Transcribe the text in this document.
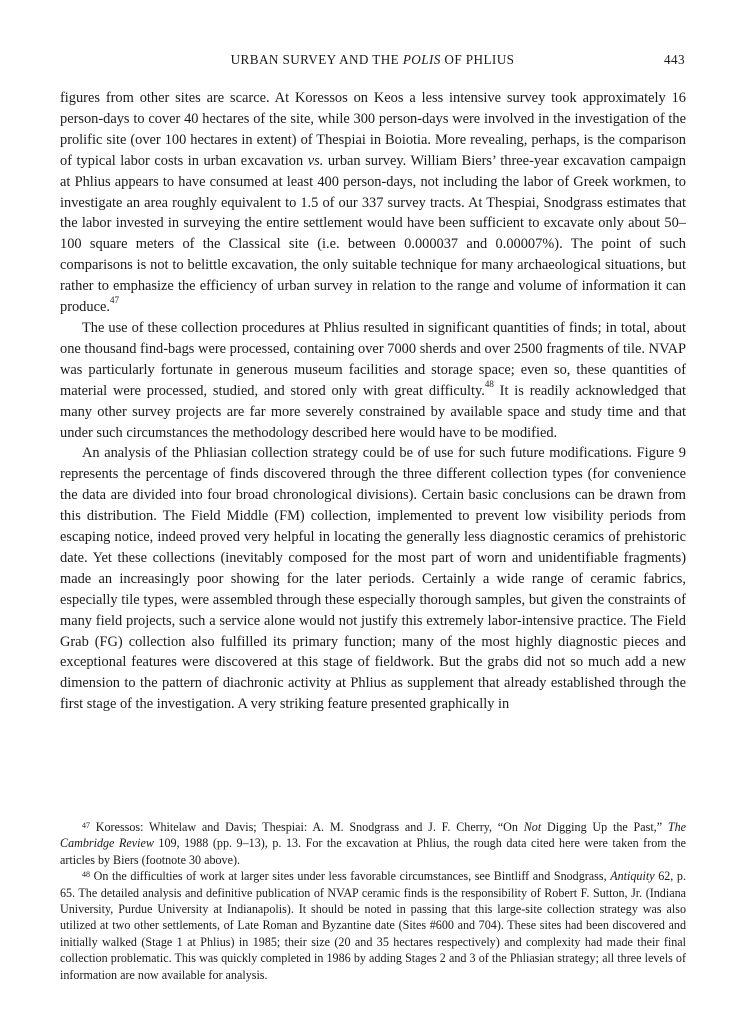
URBAN SURVEY AND THE POLIS OF PHLIUS	443

figures from other sites are scarce. At Koressos on Keos a less intensive survey took approximately 16 person-days to cover 40 hectares of the site, while 300 person-days were involved in the investigation of the prolific site (over 100 hectares in extent) of Thespiai in Boiotia. More revealing, perhaps, is the comparison of typical labor costs in urban excavation vs. urban survey. William Biers’ three-year excavation campaign at Phlius appears to have consumed at least 400 person-days, not including the labor of Greek workmen, to investigate an area roughly equivalent to 1.5 of our 337 survey tracts. At Thespiai, Snodgrass estimates that the labor invested in surveying the entire settlement would have been sufficient to excavate only about 50–100 square meters of the Classical site (i.e. between 0.000037 and 0.00007%). The point of such comparisons is not to belittle excavation, the only suitable technique for many archaeological situations, but rather to emphasize the efficiency of urban survey in relation to the range and volume of information it can produce.$^{47}$

The use of these collection procedures at Phlius resulted in significant quantities of finds; in total, about one thousand find-bags were processed, containing over 7000 sherds and over 2500 fragments of tile. NVAP was particularly fortunate in generous museum facilities and storage space; even so, these quantities of material were processed, studied, and stored only with great difficulty.$^{48}$ It is readily acknowledged that many other survey projects are far more severely constrained by available space and study time and that under such circumstances the methodology described here would have to be modified.

An analysis of the Phliasian collection strategy could be of use for such future modifications. Figure 9 represents the percentage of finds discovered through the three different collection types (for convenience the data are divided into four broad chronological divisions). Certain basic conclusions can be drawn from this distribution. The Field Middle (FM) collection, implemented to prevent low visibility periods from escaping notice, indeed proved very helpful in locating the generally less diagnostic ceramics of prehistoric date. Yet these collections (inevitably composed for the most part of worn and unidentifiable fragments) made an increasingly poor showing for the later periods. Certainly a wide range of ceramic fabrics, especially tile types, were assembled through these especially thorough samples, but given the constraints of many field projects, such a service alone would not justify this extremely labor-intensive practice. The Field Grab (FG) collection also fulfilled its primary function; many of the most highly diagnostic pieces and exceptional features were discovered at this stage of fieldwork. But the grabs did not so much add a new dimension to the pattern of diachronic activity at Phlius as supplement that already established through the first stage of the investigation. A very striking feature presented graphically in

$^{47}$ Koressos: Whitelaw and Davis; Thespiai: A. M. Snodgrass and J. F. Cherry, “On Not Digging Up the Past,” The Cambridge Review 109, 1988 (pp. 9–13), p. 13. For the excavation at Phlius, the rough data cited here were taken from the articles by Biers (footnote 30 above).

$^{48}$ On the difficulties of work at larger sites under less favorable circumstances, see Bintliff and Snodgrass, Antiquity 62, p. 65. The detailed analysis and definitive publication of NVAP ceramic finds is the responsibility of Robert F. Sutton, Jr. (Indiana University, Purdue University at Indianapolis). It should be noted in passing that this large-site collection strategy was also utilized at two other settlements, of Late Roman and Byzantine date (Sites #600 and 704). These sites had been discovered and initially walked (Stage 1 at Phlius) in 1985; their size (20 and 35 hectares respectively) and complexity had made their final collection problematic. This was quickly completed in 1986 by adding Stages 2 and 3 of the Phliasian strategy; all three levels of information are now available for analysis.
